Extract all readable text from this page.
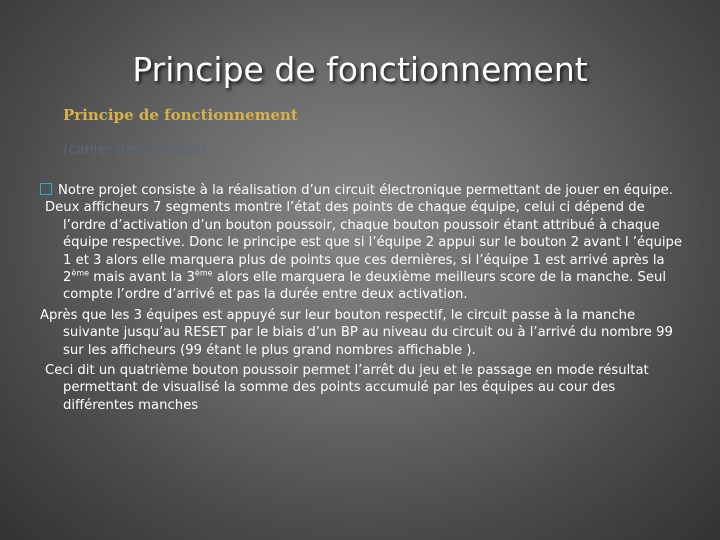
Principe de fonctionnement
Principe de fonctionnement
(cahier des charges)

Notre projet consiste à la réalisation d’un circuit électronique permettant de jouer en équipe.

Deux afficheurs 7 segments montre l’état des points de chaque équipe, celui ci dépend de l’ordre d’activation d’un bouton poussoir, chaque bouton poussoir étant attribué à chaque équipe respective. Donc le principe est que si l’équipe 2 appui sur le bouton 2 avant l ’équipe 1 et 3 alors elle marquera plus de points que ces dernières, si l’équipe 1 est arrivé après la 2ème mais avant la 3ème alors elle marquera le deuxième meilleurs score de la manche. Seul compte l’ordre d’arrivé et pas la durée entre deux activation.

Après que les 3 équipes est appuyé sur leur bouton respectif, le circuit passe à la manche suivante jusqu’au RESET par le biais d’un BP au niveau du circuit ou à l’arrivé du nombre 99 sur les afficheurs (99 étant le plus grand nombres affichable ).

Ceci dit un quatrième bouton poussoir permet l’arrêt du jeu et le passage en mode résultat permettant de visualisé la somme des points accumulé par les équipes au cour des différentes manches
